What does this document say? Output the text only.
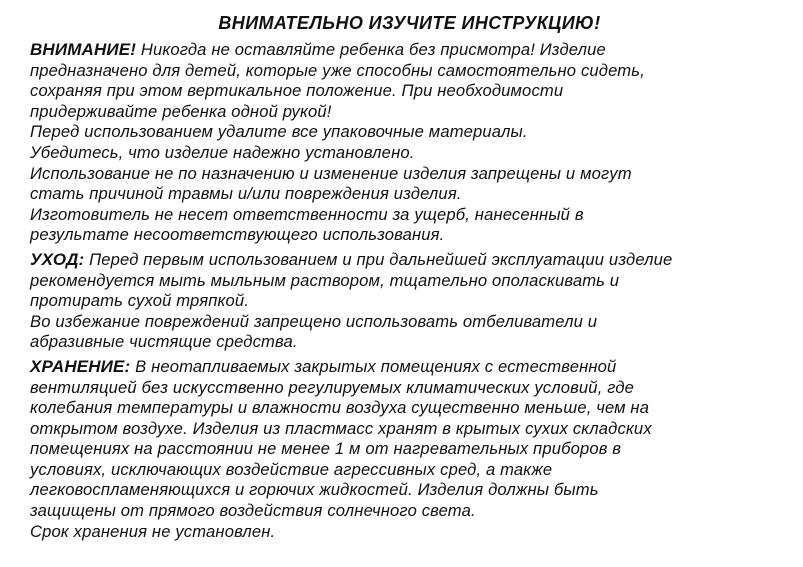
ВНИМАТЕЛЬНО ИЗУЧИТЕ ИНСТРУКЦИЮ!
ВНИМАНИЕ! Никогда не оставляйте ребенка без присмотра! Изделие
предназначено для детей, которые уже способны самостоятельно сидеть,
сохраняя при этом вертикальное положение. При необходимости
придерживайте ребенка одной рукой!
Перед использованием удалите все упаковочные материалы.
Убедитесь, что изделие надежно установлено.
Использование не по назначению и изменение изделия запрещены и могут
стать причиной травмы и/или повреждения изделия.
Изготовитель не несет ответственности за ущерб, нанесенный в
результате несоответствующего использования.
УХОД: Перед первым использованием и при дальнейшей эксплуатации изделие
рекомендуется мыть мыльным раствором, тщательно ополаскивать и
протирать сухой тряпкой.
Во избежание повреждений запрещено использовать отбеливатели и
абразивные чистящие средства.
ХРАНЕНИЕ: В неотапливаемых закрытых помещениях с естественной
вентиляцией без искусственно регулируемых климатических условий, где
колебания температуры и влажности воздуха существенно меньше, чем на
открытом воздухе. Изделия из пластмасс хранят в крытых сухих складских
помещениях на расстоянии не менее 1 м от нагревательных приборов в
условиях, исключающих воздействие агрессивных сред, а также
легковоспламеняющихся и горючих жидкостей. Изделия должны быть
защищены от прямого воздействия солнечного света.
Срок хранения не установлен.
